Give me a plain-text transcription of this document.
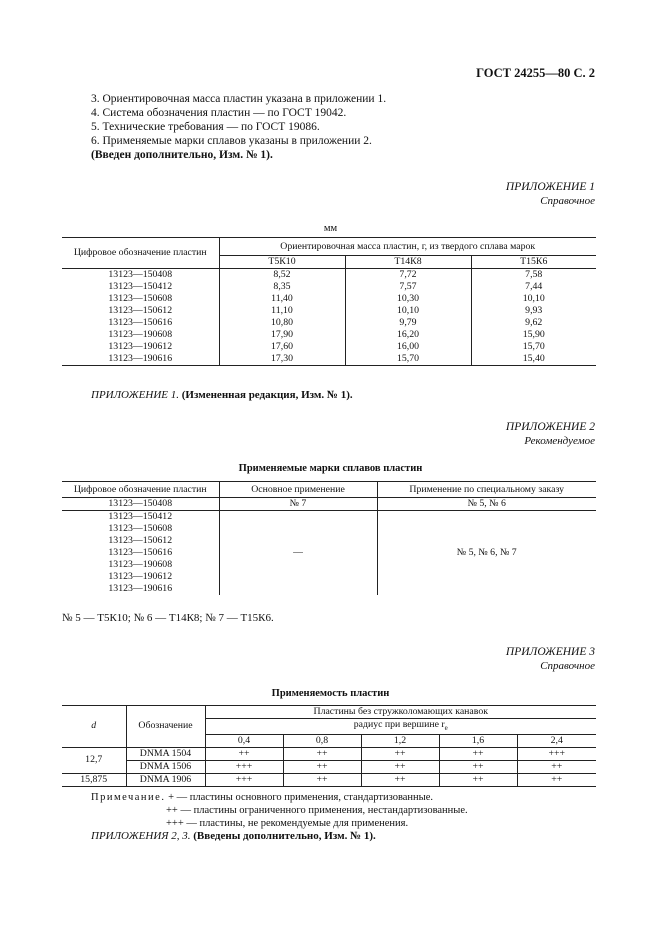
ГОСТ 24255—80 С. 2
3. Ориентировочная масса пластин указана в приложении 1.
4. Система обозначения пластин — по ГОСТ 19042.
5. Технические требования — по ГОСТ 19086.
6. Применяемые марки сплавов указаны в приложении 2.
(Введен дополнительно, Изм. № 1).
ПРИЛОЖЕНИЕ 1
Справочное
мм
Цифровое обозначение пластин	Ориентировочная масса пластин, г, из твердого сплава марок		
	Т5К10	Т14К8	Т15К6
13123—150408	8,52	7,72	7,58
13123—150412	8,35	7,57	7,44
13123—150608	11,40	10,30	10,10
13123—150612	11,10	10,10	9,93
13123—150616	10,80	9,79	9,62
13123—190608	17,90	16,20	15,90
13123—190612	17,60	16,00	15,70
13123—190616	17,30	15,70	15,40
ПРИЛОЖЕНИЕ 1. (Измененная редакция, Изм. № 1).
ПРИЛОЖЕНИЕ 2
Рекомендуемое
Применяемые марки сплавов пластин
Цифровое обозначение пластин	Основное применение	Применение по специальному заказу
13123—150408	№ 7	№ 5, № 6
13123—150412	—	№ 5, № 6, № 7
13123—150608		
13123—150612		
13123—150616		
13123—190608		
13123—190612		
13123—190616		
№ 5 — Т5К10; № 6 — Т14К8; № 7 — Т15К6.
ПРИЛОЖЕНИЕ 3
Справочное
Применяемость пластин
d	Обозначение	Пластины без стружколомающих канавок				
		радиус при вершине $r_е$
		0,4	0,8	1,2	1,6	2,4
12,7	DNMA 1504	++	++	++	++	+++
	DNMA 1506	+++	++	++	++	++
15,875	DNMA 1906	+++	++	++	++	++
Примечание. + — пластины основного применения, стандартизованные.
++ — пластины ограниченного применения, нестандартизованные.
+++ — пластины, не рекомендуемые для применения.
ПРИЛОЖЕНИЯ 2, 3. (Введены дополнительно, Изм. № 1).
